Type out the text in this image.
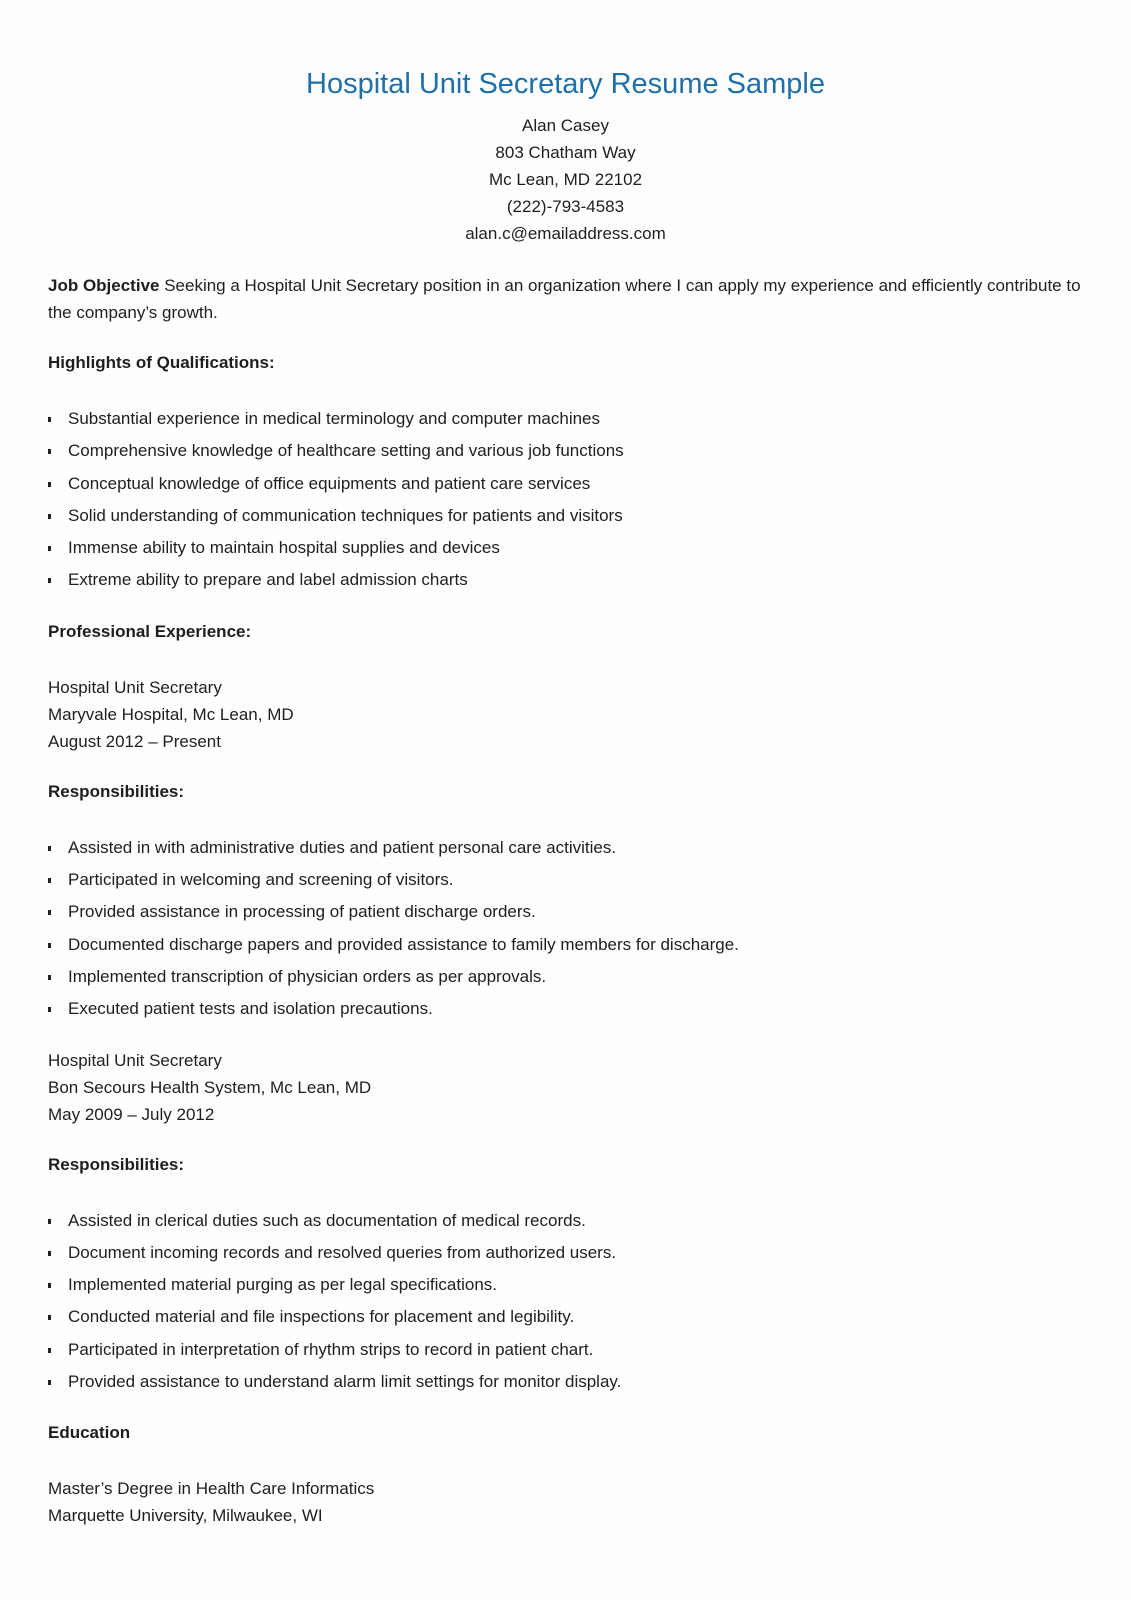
Hospital Unit Secretary Resume Sample
Alan Casey
803 Chatham Way
Mc Lean, MD 22102
(222)-793-4583
alan.c@emailaddress.com
Job Objective Seeking a Hospital Unit Secretary position in an organization where I can apply my experience and efficiently contribute to the company’s growth.
Highlights of Qualifications:
Substantial experience in medical terminology and computer machines
Comprehensive knowledge of healthcare setting and various job functions
Conceptual knowledge of office equipments and patient care services
Solid understanding of communication techniques for patients and visitors
Immense ability to maintain hospital supplies and devices
Extreme ability to prepare and label admission charts
Professional Experience:
Hospital Unit Secretary
Maryvale Hospital, Mc Lean, MD
August 2012 – Present
Responsibilities:
Assisted in with administrative duties and patient personal care activities.
Participated in welcoming and screening of visitors.
Provided assistance in processing of patient discharge orders.
Documented discharge papers and provided assistance to family members for discharge.
Implemented transcription of physician orders as per approvals.
Executed patient tests and isolation precautions.
Hospital Unit Secretary
Bon Secours Health System, Mc Lean, MD
May 2009 – July 2012
Responsibilities:
Assisted in clerical duties such as documentation of medical records.
Document incoming records and resolved queries from authorized users.
Implemented material purging as per legal specifications.
Conducted material and file inspections for placement and legibility.
Participated in interpretation of rhythm strips to record in patient chart.
Provided assistance to understand alarm limit settings for monitor display.
Education
Master’s Degree in Health Care Informatics
Marquette University, Milwaukee, WI
